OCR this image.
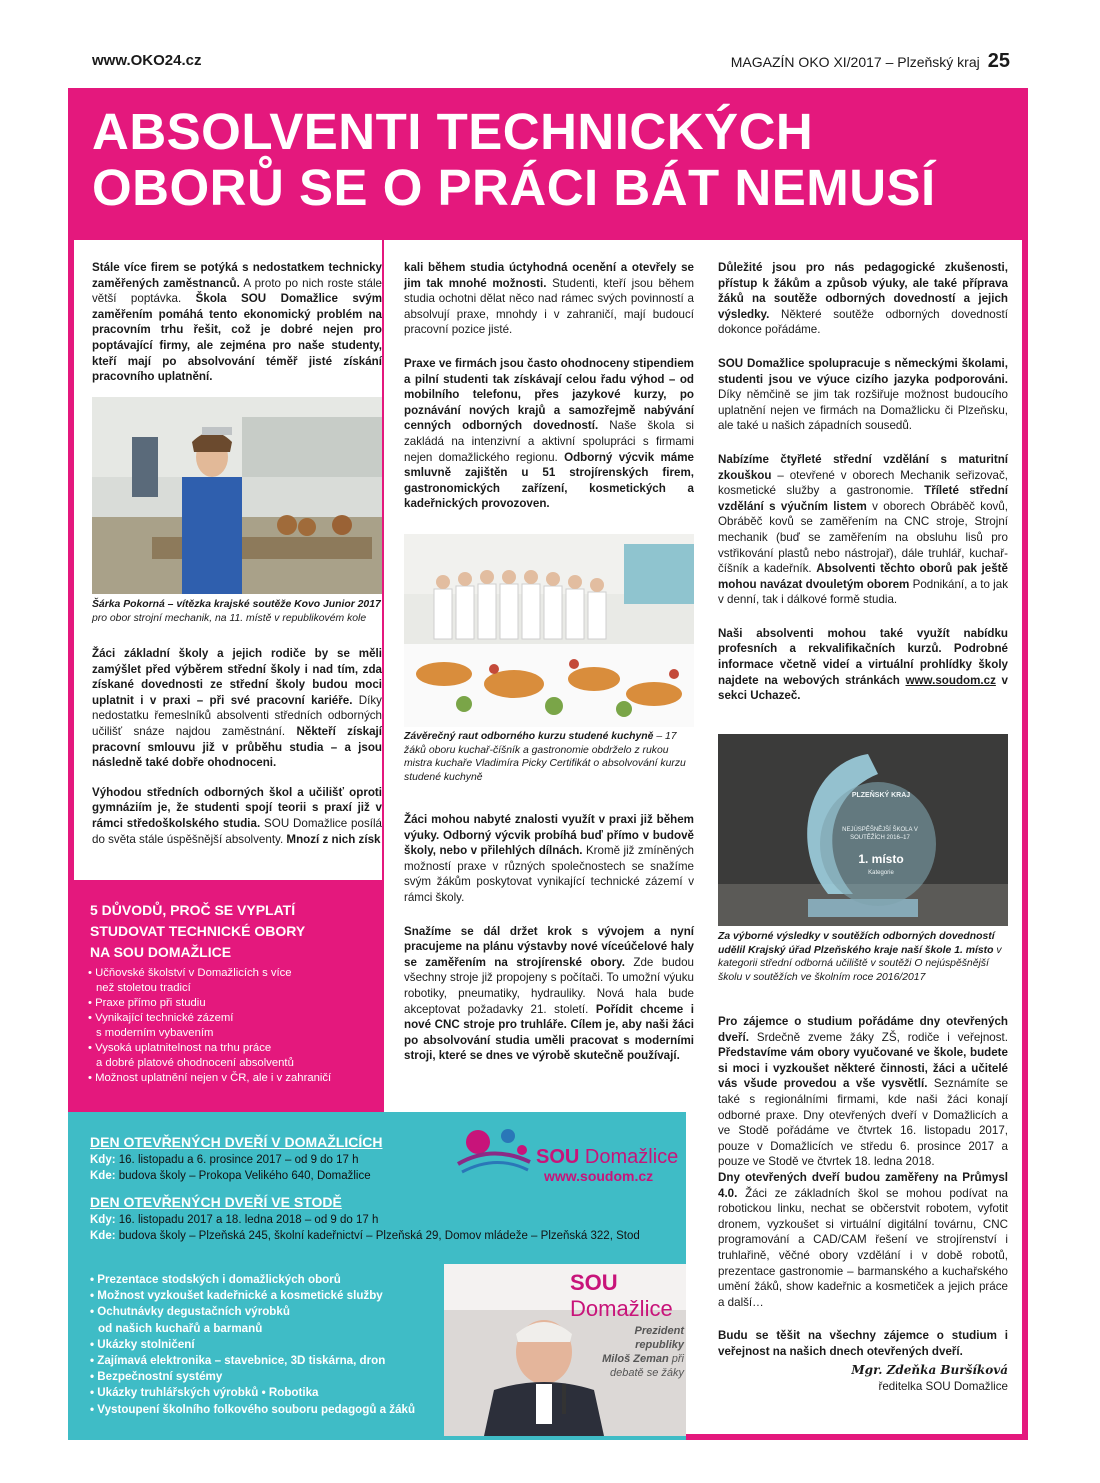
www.OKO24.cz	MAGAZÍN OKO XI/2017 – Plzeňský kraj 25
ABSOLVENTI TECHNICKÝCH
OBORŮ SE O PRÁCI BÁT NEMUSÍ

Stále více firem se potýká s nedostatkem technicky zaměřených zaměstnanců. A proto po nich roste stále větší poptávka. Škola SOU Domažlice svým zaměřením pomáhá tento ekonomický problém na pracovním trhu řešit, což je dobré nejen pro poptávající firmy, ale zejména pro naše studenty, kteří mají po absolvování téměř jisté získání pracovního uplatnění.

Šárka Pokorná – vítězka krajské soutěže Kovo Junior 2017
pro obor strojní mechanik, na 11. místě v republikovém kole

Žáci základní školy a jejich rodiče by se měli zamýšlet před výběrem střední školy i nad tím, zda získané dovednosti ze střední školy budou moci uplatnit i v praxi – při své pracovní kariéře. Díky nedostatku řemeslníků absolventi středních odborných učilišť snáze najdou zaměstnání. Někteří získají pracovní smlouvu již v průběhu studia – a jsou následně také dobře ohodnoceni.

Výhodou středních odborných škol a učilišť oproti gymnáziím je, že studenti spojí teorii s praxí již v rámci středoškolského studia. SOU Domažlice posílá do světa stále úspěšnější absolventy. Mnozí z nich získ

kali během studia úctyhodná ocenění a otevřely se jim tak mnohé možnosti. Studenti, kteří jsou během studia ochotni dělat něco nad rámec svých povinností a absolvují praxe, mnohdy i v zahraničí, mají budoucí pracovní pozice jisté.

Praxe ve firmách jsou často ohodnoceny stipendiem a pilní studenti tak získávají celou řadu výhod – od mobilního telefonu, přes jazykové kurzy, po poznávání nových krajů a samozřejmě nabývání cenných odborných dovedností. Naše škola si zakládá na intenzivní a aktivní spolupráci s firmami nejen domažlického regionu. Odborný výcvik máme smluvně zajištěn u 51 strojírenských firem, gastronomických zařízení, kosmetických a kadeřnických provozoven.

Závěrečný raut odborného kurzu studené kuchyně – 17 žáků oboru kuchař-číšník a gastronomie obdrželo z rukou mistra kuchaře Vladimíra Picky Certifikát o absolvování kurzu studené kuchyně

Žáci mohou nabyté znalosti využít v praxi již během výuky. Odborný výcvik probíhá buď přímo v budově školy, nebo v přilehlých dílnách. Kromě již zmíněných možností praxe v různých společnostech se snažíme svým žákům poskytovat vynikající technické zázemí v rámci školy.

Snažíme se dál držet krok s vývojem a nyní pracujeme na plánu výstavby nové víceúčelové haly se zaměřením na strojírenské obory. Zde budou všechny stroje již propojeny s počítači. To umožní výuku robotiky, pneumatiky, hydrauliky. Nová hala bude akceptovat požadavky 21. století. Pořídit chceme i nové CNC stroje pro truhláře. Cílem je, aby naši žáci po absolvování studia uměli pracovat s moderními stroji, které se dnes ve výrobě skutečně používají.

Důležité jsou pro nás pedagogické zkušenosti, přístup k žákům a způsob výuky, ale také příprava žáků na soutěže odborných dovedností a jejich výsledky. Některé soutěže odborných dovedností dokonce pořádáme.

SOU Domažlice spolupracuje s německými školami, studenti jsou ve výuce cizího jazyka podporováni. Díky němčině se jim tak rozšiřuje možnost budoucího uplatnění nejen ve firmách na Domažlicku či Plzeňsku, ale také u našich západních sousedů.

Nabízíme čtyřleté střední vzdělání s maturitní zkouškou – otevřené v oborech Mechanik seřizovač, kosmetické služby a gastronomie. Tříleté střední vzdělání s výučním listem v oborech Obráběč kovů, Obráběč kovů se zaměřením na CNC stroje, Strojní mechanik (buď se zaměřením na obsluhu lisů pro vstřikování plastů nebo nástrojař), dále truhlář, kuchař-číšník a kadeřník. Absolventi těchto oborů pak ještě mohou navázat dvouletým oborem Podnikání, a to jak v denní, tak i dálkové formě studia.

Naši absolventi mohou také využít nabídku profesních a rekvalifikačních kurzů. Podrobné informace včetně videí a virtuální prohlídky školy najdete na webových stránkách www.soudom.cz v sekci Uchazeč.

PLZEŇSKÝ KRAJ
NEJÚSPĚŠNĚJŠÍ ŠKOLA V SOUTĚŽÍCH 2016–17
1. místo
Kategorie
Za výborné výsledky v soutěžích odborných dovedností udělil Krajský úřad Plzeňského kraje naší škole 1. místo v kategorii střední odborná učiliště v soutěži O nejúspěšnější školu v soutěžích ve školním roce 2016/2017

Pro zájemce o studium pořádáme dny otevřených dveří. Srdečně zveme žáky ZŠ, rodiče i veřejnost. Představíme vám obory vyučované ve škole, budete si moci i vyzkoušet některé činnosti, žáci a učitelé vás všude provedou a vše vysvětlí. Seznámíte se také s regionálními firmami, kde naši žáci konají odborné praxe. Dny otevřených dveří v Domažlicích a ve Stodě pořádáme ve čtvrtek 16. listopadu 2017, pouze v Domažlicích ve středu 6. prosince 2017 a pouze ve Stodě ve čtvrtek 18. ledna 2018.

Dny otevřených dveří budou zaměřeny na Průmysl 4.0. Žáci ze základních škol se mohou podívat na robotickou linku, nechat se občerstvit robotem, vyfotit dronem, vyzkoušet si virtuální digitální továrnu, CNC programování a CAD/CAM řešení ve strojírenství i truhlařině, věčné obory vzdělání i v době robotů, prezentace gastronomie – barmanského a kuchařského umění žáků, show kadeřnic a kosmetiček a jejich práce a další…

Budu se těšit na všechny zájemce o studium i veřejnost na našich dnech otevřených dveří.

Mgr. Zdeňka Buršíková
ředitelka SOU Domažlice
5 DŮVODŮ, PROČ SE VYPLATÍ
STUDOVAT TECHNICKÉ OBORY
NA SOU DOMAŽLICE
• Učňovské školství v Domažlicích s více
než stoletou tradicí
• Praxe přímo při studiu
• Vynikající technické zázemí
s moderním vybavením
• Vysoká uplatnitelnost na trhu práce
a dobré platové ohodnocení absolventů
• Možnost uplatnění nejen v ČR, ale i v zahraničí
DEN OTEVŘENÝCH DVEŘÍ V DOMAŽLICÍCH
Kdy: 16. listopadu a 6. prosince 2017 – od 9 do 17 h
Kde: budova školy – Prokopa Velikého 640, Domažlice
DEN OTEVŘENÝCH DVEŘÍ VE STODĚ
Kdy: 16. listopadu 2017 a 18. ledna 2018 – od 9 do 17 h
Kde: budova školy – Plzeňská 245, školní kadeřnictví – Plzeňská 29, Domov mládeže – Plzeňská 322, Stod
SOU Domažlice
www.soudom.cz
SOU Domažlice
Prezident republiky
Miloš Zeman při
debatě se žáky
• Prezentace stodských i domažlických oborů
• Možnost vyzkoušet kadeřnické a kosmetické služby
• Ochutnávky degustačních výrobků
od našich kuchařů a barmanů
• Ukázky stolničení
• Zajímavá elektronika – stavebnice, 3D tiskárna, dron
• Bezpečnostní systémy
• Ukázky truhlářských výrobků • Robotika
• Vystoupení školního folkového souboru pedagogů a žáků
